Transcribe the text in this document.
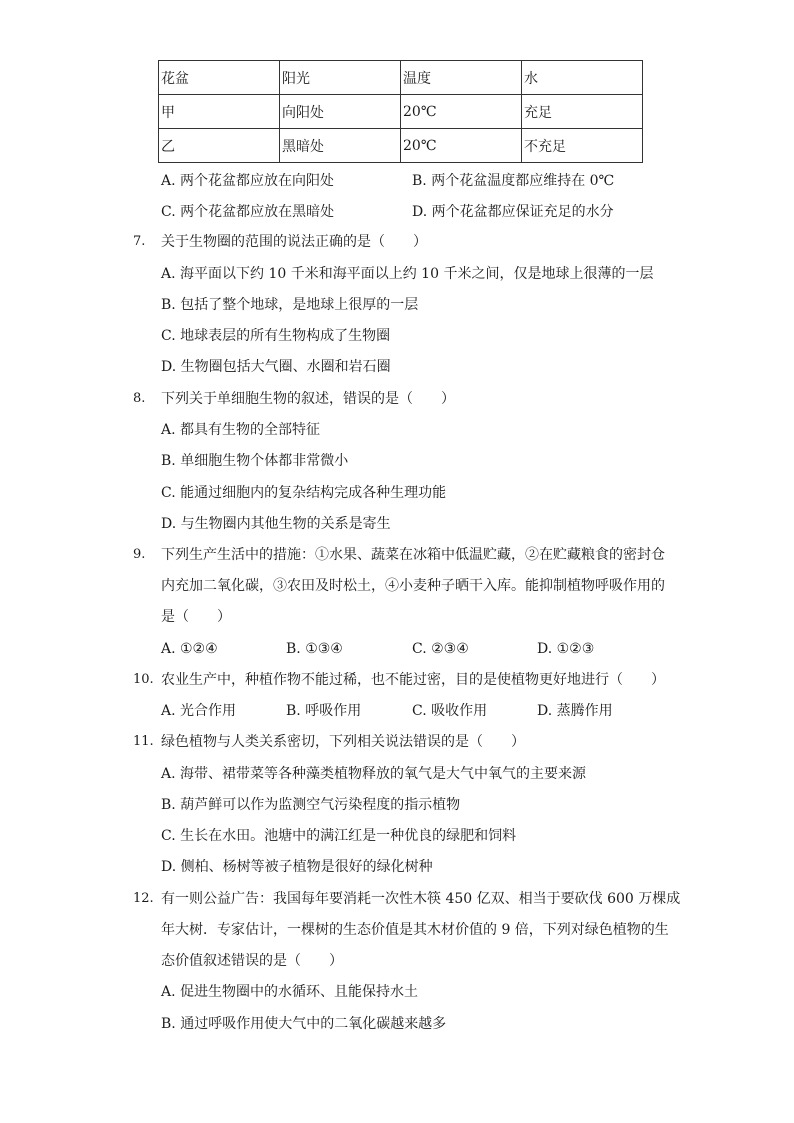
花盆	阳光	温度	水
甲	向阳处	20℃	充足
乙	黑暗处	20℃	不充足
A. 两个花盆都应放在向阳处	B. 两个花盆温度都应维持在 0℃
C. 两个花盆都应放在黑暗处	D. 两个花盆都应保证充足的水分
7. 关于生物圈的范围的说法正确的是（　　）
A. 海平面以下约 10 千米和海平面以上约 10 千米之间，仅是地球上很薄的一层
B. 包括了整个地球，是地球上很厚的一层
C. 地球表层的所有生物构成了生物圈
D. 生物圈包括大气圈、水圈和岩石圈
8. 下列关于单细胞生物的叙述，错误的是（　　）
A. 都具有生物的全部特征
B. 单细胞生物个体都非常微小
C. 能通过细胞内的复杂结构完成各种生理功能
D. 与生物圈内其他生物的关系是寄生
9. 下列生产生活中的措施：①水果、蔬菜在冰箱中低温贮藏，②在贮藏粮食的密封仓
内充加二氧化碳，③农田及时松土，④小麦种子晒干入库。能抑制植物呼吸作用的
是（　　）
A. ①②④	B. ①③④	C. ②③④	D. ①②③
10. 农业生产中，种植作物不能过稀，也不能过密，目的是使植物更好地进行（　　）
A. 光合作用	B. 呼吸作用	C. 吸收作用	D. 蒸腾作用
11. 绿色植物与人类关系密切，下列相关说法错误的是（　　）
A. 海带、裙带菜等各种藻类植物释放的氧气是大气中氧气的主要来源
B. 葫芦鲜可以作为监测空气污染程度的指示植物
C. 生长在水田。池塘中的满江红是一种优良的绿肥和饲料
D. 侧柏、杨树等被子植物是很好的绿化树种
12. 有一则公益广告：我国每年要消耗一次性木筷 450 亿双、相当于要砍伐 600 万棵成
年大树．专家估计，一棵树的生态价值是其木材价值的 9 倍，下列对绿色植物的生
态价值叙述错误的是（　　）
A. 促进生物圈中的水循环、且能保持水土
B. 通过呼吸作用使大气中的二氧化碳越来越多
